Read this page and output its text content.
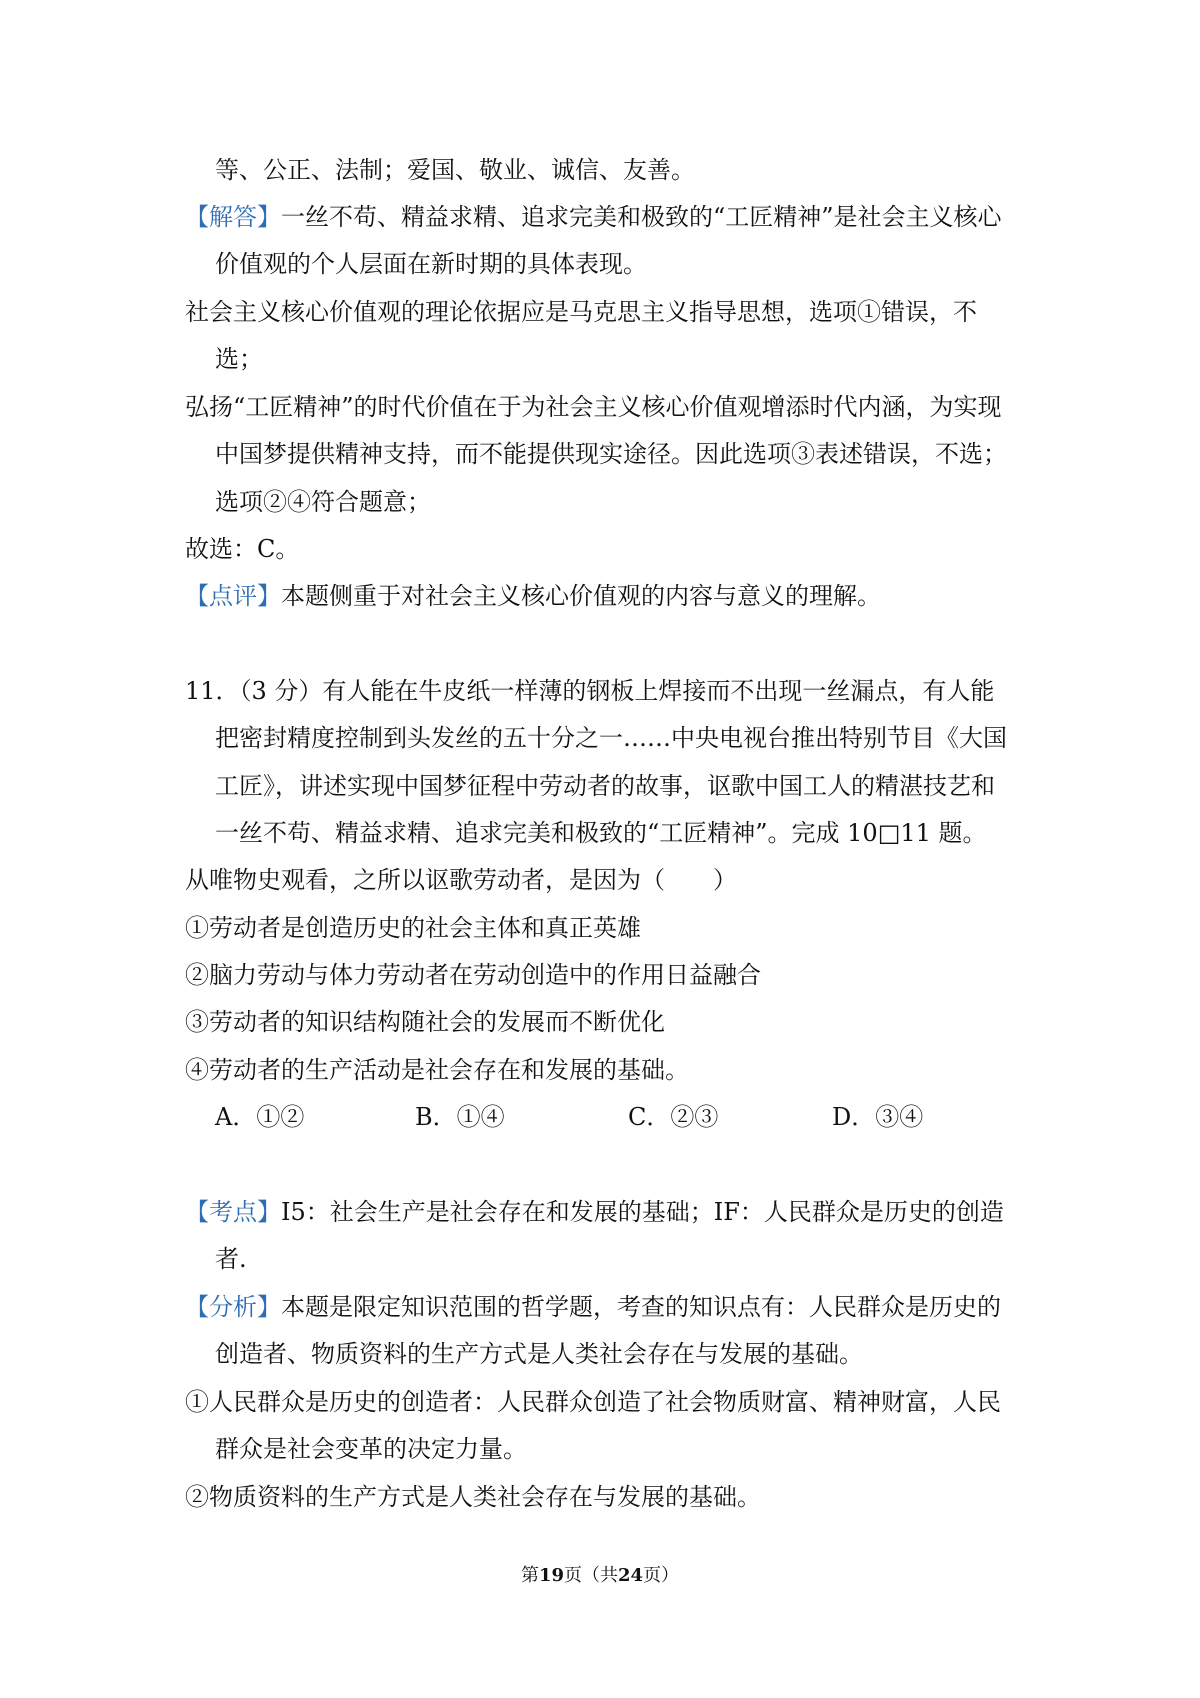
等、公正、法制；爱国、敬业、诚信、友善。
【解答】一丝不苟、精益求精、追求完美和极致的“工匠精神”是社会主义核心
价值观的个人层面在新时期的具体表现。
社会主义核心价值观的理论依据应是马克思主义指导思想，选项①错误，不
选；
弘扬“工匠精神”的时代价值在于为社会主义核心价值观增添时代内涵，为实现
中国梦提供精神支持，而不能提供现实途径。因此选项③表述错误，不选；
选项②④符合题意；
故选：C。
【点评】本题侧重于对社会主义核心价值观的内容与意义的理解。
11．（3 分）有人能在牛皮纸一样薄的钢板上焊接而不出现一丝漏点，有人能
把密封精度控制到头发丝的五十分之一……中央电视台推出特别节目《大国
工匠》，讲述实现中国梦征程中劳动者的故事，讴歌中国工人的精湛技艺和
一丝不苟、精益求精、追求完美和极致的“工匠精神”。完成 10□11 题。
从唯物史观看，之所以讴歌劳动者，是因为（　　）
①劳动者是创造历史的社会主体和真正英雄
②脑力劳动与体力劳动者在劳动创造中的作用日益融合
③劳动者的知识结构随社会的发展而不断优化
④劳动者的生产活动是社会存在和发展的基础。
A．①②	B．①④	C．②③	D．③④
【考点】I5：社会生产是社会存在和发展的基础；IF：人民群众是历史的创造
者.
【分析】本题是限定知识范围的哲学题，考查的知识点有：人民群众是历史的
创造者、物质资料的生产方式是人类社会存在与发展的基础。
①人民群众是历史的创造者：人民群众创造了社会物质财富、精神财富，人民
群众是社会变革的决定力量。
②物质资料的生产方式是人类社会存在与发展的基础。
第19页（共24页）
